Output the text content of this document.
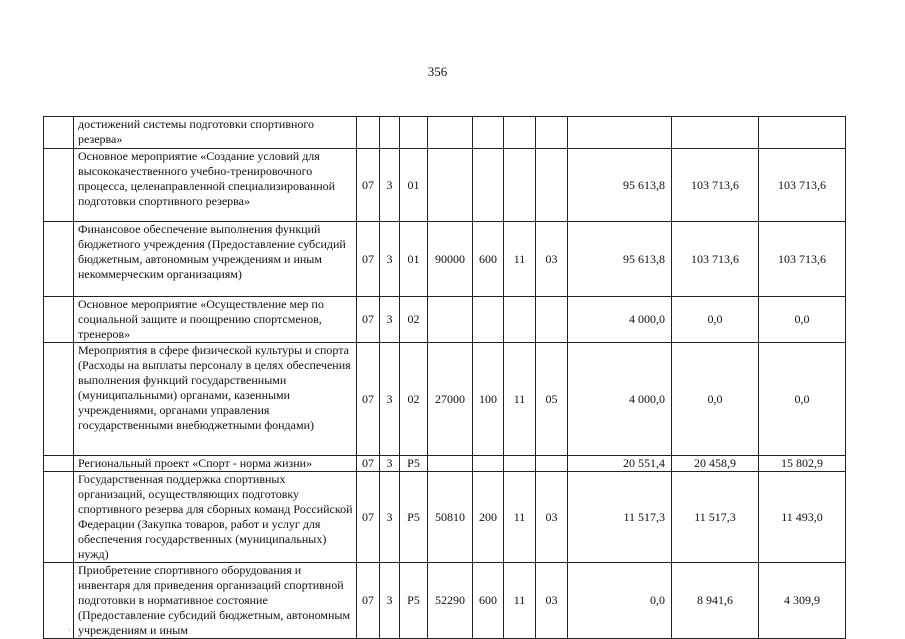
356
	достижений системы подготовки спортивного резерва»										
	Основное мероприятие «Создание условий для высококачественного учебно-тренировочного процесса, целенаправленной специализированной подготовки спортивного резерва»	07	3	01					95 613,8	103 713,6	103 713,6
	Финансовое обеспечение выполнения функций бюджетного учреждения (Предоставление субсидий бюджетным, автономным учреждениям и иным некоммерческим организациям)	07	3	01	90000	600	11	03	95 613,8	103 713,6	103 713,6
	Основное мероприятие «Осуществление мер по социальной защите и поощрению спортсменов, тренеров»	07	3	02					4 000,0	0,0	0,0
	Мероприятия в сфере физической культуры и спорта (Расходы на выплаты персоналу в целях обеспечения выполнения функций государственными (муниципальными) органами, казенными учреждениями, органами управления государственными внебюджетными фондами)	07	3	02	27000	100	11	05	4 000,0	0,0	0,0
	Региональный проект «Спорт - норма жизни»	07	3	P5					20 551,4	20 458,9	15 802,9
	Государственная поддержка спортивных организаций, осуществляющих подготовку спортивного резерва для сборных команд Российской Федерации (Закупка товаров, работ и услуг для обеспечения государственных (муниципальных) нужд)	07	3	P5	50810	200	11	03	11 517,3	11 517,3	11 493,0
	Приобретение спортивного оборудования и инвентаря для приведения организаций спортивной подготовки в нормативное состояние (Предоставление субсидий бюджетным, автономным учреждениям и иным	07	3	P5	52290	600	11	03	0,0	8 941,6	4 309,9
·
